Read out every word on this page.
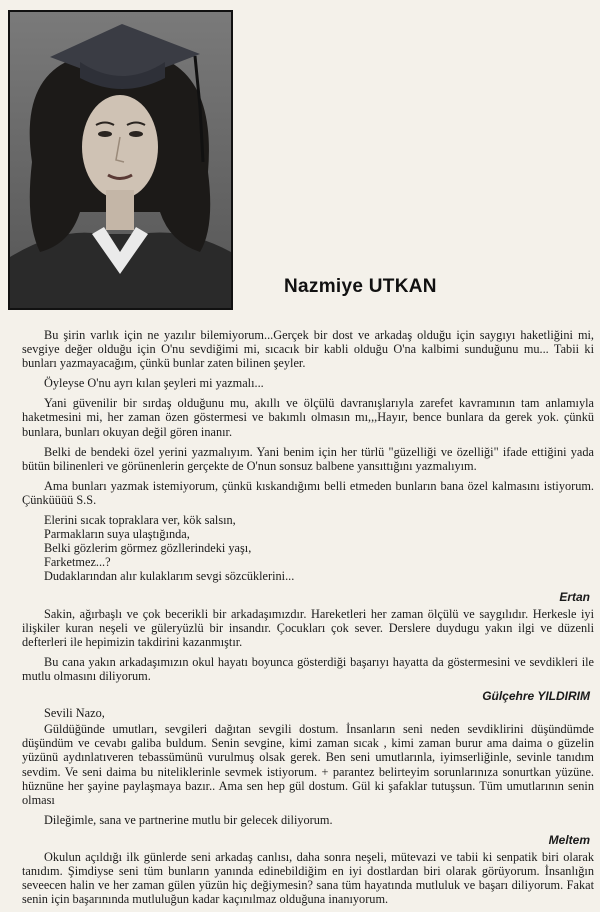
Nazmiye UTKAN

Bu şirin varlık için ne yazılır bilemiyorum...Gerçek bir dost ve arkadaş olduğu için saygıyı haketliğini mi, sevgiye değer olduğu için O'nu sevdiğimi mi, sıcacık bir kabli olduğu O'na kalbimi sunduğunu mu... Tabii ki bunları yazmayacağım, çünkü bunlar zaten bilinen şeyler.

Öyleyse O'nu ayrı kılan şeyleri mi yazmalı...

Yani güvenilir bir sırdaş olduğunu mu, akıllı ve ölçülü davranışlarıyla zarefet kavramının tam anlamıyla haketmesini mi, her zaman özen göstermesi ve bakımlı olmasın mı,,,Hayır, bence bunlara da gerek yok. çünkü bunlara, bunları okuyan değil gören inanır.

Belki de bendeki özel yerini yazmalıyım. Yani benim için her türlü "güzelliği ve özelliği" ifade ettiğini yada bütün bilinenleri ve görünenlerin gerçekte de O'nun sonsuz balbene yansıttığını yazmalıyım.

Ama bunları yazmak istemiyorum, çünkü kıskandığımı belli etmeden bunların bana özel kalmasını istiyorum. Çünküüüü S.S.

Elerini sıcak topraklara ver, kök salsın,
Parmakların suya ulaştığında,
Belki gözlerim görmez gözllerindeki yaşı,
Farketmez...?
Dudaklarından alır kulaklarım sevgi sözcüklerini...
Ertan

Sakin, ağırbaşlı ve çok becerikli bir arkadaşımızdır. Hareketleri her zaman ölçülü ve saygılıdır. Herkesle iyi ilişkiler kuran neşeli ve güleryüzlü bir insandır. Çocukları çok sever. Derslere duydugu yakın ilgi ve düzenli defterleri ile hepimizin takdirini kazanmıştır.

Bu cana yakın arkadaşımızın okul hayatı boyunca gösterdiği başarıyı hayatta da göstermesini ve sevdikleri ile mutlu olmasını diliyorum.

Gülçehre YILDIRIM

Sevili Nazo,

Güldüğünde umutları, sevgileri dağıtan sevgili dostum. İnsanların seni neden sevdiklirini düşündümde düşündüm ve cevabı galiba buldum. Senin sevgine, kimi zaman sıcak , kimi zaman burur ama daima o güzelin yüzünü aydınlatıveren tebassümünü vurulmuş olsak gerek. Ben seni umutlarınla, iyimserliğinle, sevinle tanıdım sevdim. Ve seni daima bu niteliklerinle sevmek istiyorum. + parantez belirteyim sorunlarınıza sonurtkan yüzüne. hüznüne her şayine paylaşmaya bazır.. Ama sen hep gül dostum. Gül ki şafaklar tutuşsun. Tüm umutlarının senin olması

Dileğimle, sana ve partnerine mutlu bir gelecek diliyorum.

Meltem

Okulun açıldığı ilk günlerde seni arkadaş canlısı, daha sonra neşeli, mütevazi ve tabii ki senpatik biri olarak tanıdım. Şimdiyse seni tüm bunların yanında edinebildiğim en iyi dostlardan biri olarak görüyorum. İnsanlığın seveecen halin ve her zaman gülen yüzün hiç değiymesin? sana tüm hayatında mutluluk ve başarı diliyorum. Fakat senin için başarınında mutluluğun kadar kaçınılmaz olduğuna inanıyorum.
